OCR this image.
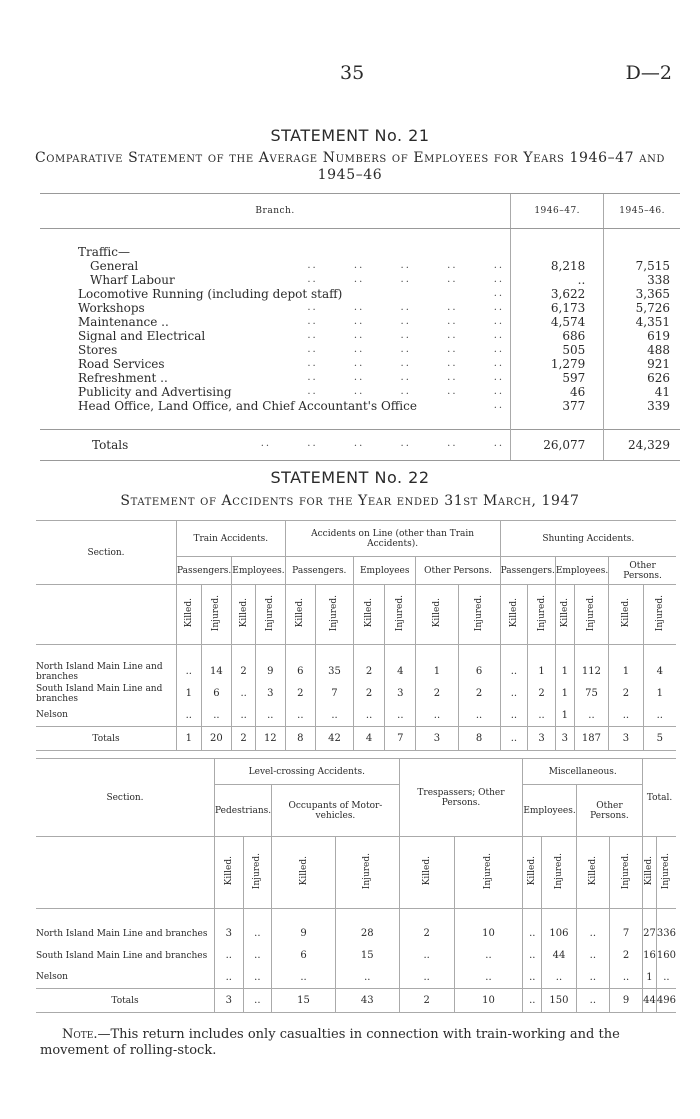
35	D—2
STATEMENT No. 21
Comparative Statement of the Average Numbers of Employees for Years 1946–47 and 1945–46
Branch.	1946–47.	1945–46.

Traffic—		
General ..       ..       ..       ..       ..	8,218	7,515
Wharf Labour ..       ..       ..       ..       ..	..	338
Locomotive Running (including depot staff) ..	3,622	3,365
Workshops ..       ..       ..       ..       ..	6,173	5,726
Maintenance .. ..       ..       ..       ..       ..	4,574	4,351
Signal and Electrical ..       ..       ..       ..       ..	686	619
Stores ..       ..       ..       ..       ..	505	488
Road Services ..       ..       ..       ..       ..	1,279	921
Refreshment .. ..       ..       ..       ..       ..	597	626
Publicity and Advertising ..       ..       ..       ..       ..	46	41
Head Office, Land Office, and Chief Accountant's Office ..	377	339

Totals ..       ..       ..       ..       ..       ..	26,077	24,329
STATEMENT No. 22
Statement of Accidents for the Year ended 31st March, 1947
Section.	Train Accidents.				Accidents on Line (other than Train Accidents).						Shunting Accidents.					
	Passengers.		Employees.		Passengers.		Employees		Other Persons.		Passengers.		Employees.		Other Persons.	
	Killed.	Injured.	Killed.	Injured.	Killed.	Injured.	Killed.	Injured.	Killed.	Injured.	Killed.	Injured.	Killed.	Injured.	Killed.	Injured.

North Island Main Line and branches	..	14	2	9	6	35	2	4	1	6	..	1	1	112	1	4
South Island Main Line and branches	1	6	..	3	2	7	2	3	2	2	..	2	1	75	2	1
Nelson	..	..	..	..	..	..	..	..	..	..	..	..	1	..	..	..
Totals	1	20	2	12	8	42	4	7	3	8	..	3	3	187	3	5
Section.	Level-crossing Accidents.				Trespassers; Other Persons.		Miscellaneous.				Total.	
	Pedestrians.		Occupants of Motor-vehicles.				Employees.		Other Persons.			
	Killed.	Injured.	Killed.	Injured.	Killed.	Injured.	Killed.	Injured.	Killed.	Injured.	Killed.	Injured.

North Island Main Line and branches	3	..	9	28	2	10	..	106	..	7	27	336
South Island Main Line and branches	..	..	6	15	..	..	..	44	..	2	16	160
Nelson	..	..	..	..	..	..	..	..	..	..	1	..
Totals	3	..	15	43	2	10	..	150	..	9	44	496
Note.—This return includes only casualties in connection with train-working and the movement of rolling-stock.
